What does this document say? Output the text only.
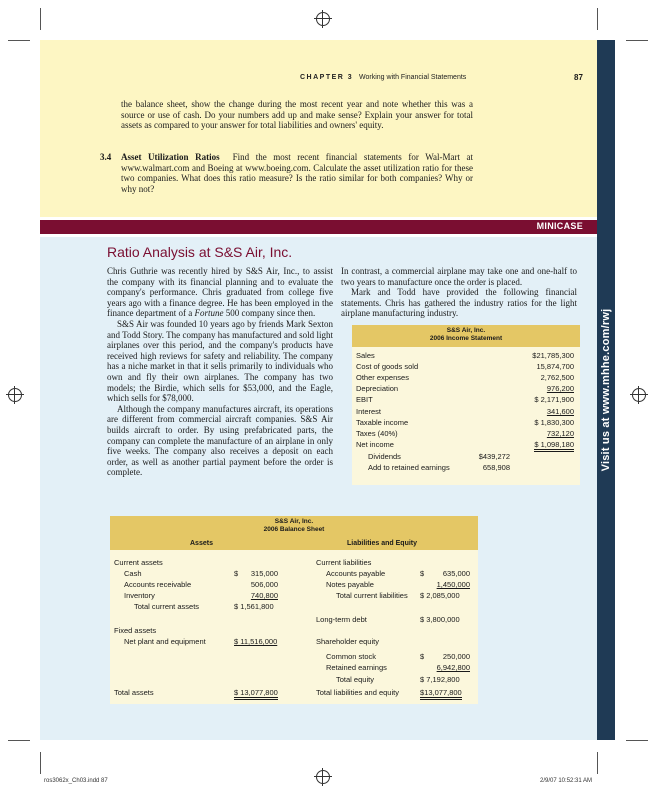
Visit us at www.mhhe.com/rwj
CHAPTER 3 Working with Financial Statements	87
the balance sheet, show the change during the most recent year and note whether this was a source or use of cash. Do your numbers add up and make sense? Explain your answer for total assets as compared to your answer for total liabilities and owners' equity.
3.4	Asset Utilization Ratios Find the most recent financial statements for Wal-Mart at www.walmart.com and Boeing at www.boeing.com. Calculate the asset utilization ratio for these two companies. What does this ratio measure? Is the ratio similar for both companies? Why or why not?
MINICASE
Ratio Analysis at S&S Air, Inc.
Chris Guthrie was recently hired by S&S Air, Inc., to assist the company with its financial planning and to evaluate the company's performance. Chris graduated from college five years ago with a finance degree. He has been employed in the finance department of a Fortune 500 company since then.
S&S Air was founded 10 years ago by friends Mark Sexton and Todd Story. The company has manufactured and sold light airplanes over this period, and the company's products have received high reviews for safety and reliability. The company has a niche market in that it sells primarily to individuals who own and fly their own airplanes. The company has two models; the Birdie, which sells for $53,000, and the Eagle, which sells for $78,000.
Although the company manufactures aircraft, its operations are different from commercial aircraft companies. S&S Air builds aircraft to order. By using prefabricated parts, the company can complete the manufacture of an airplane in only five weeks. The company also receives a deposit on each order, as well as another partial payment before the order is complete.
In contrast, a commercial airplane may take one and one-half to two years to manufacture once the order is placed.
Mark and Todd have provided the following financial statements. Chris has gathered the industry ratios for the light airplane manufacturing industry.
S&S Air, Inc.
2006 Income Statement
Sales	$21,785,300
Cost of goods sold	15,874,700
Other expenses	2,762,500
Depreciation	976,200
EBIT	$ 2,171,900
Interest	341,600
Taxable income	$ 1,830,300
Taxes (40%)	732,120
Net income	$ 1,098,180
Dividends	$439,272
Add to retained earnings	658,908
S&S Air, Inc.
2006 Balance Sheet
Assets	Liabilities and Equity
Current assets
Cash	$	315,000
Accounts receivable	506,000
Inventory	740,800
Total current assets	$ 1,561,800
Fixed assets
Net plant and equipment	$ 11,516,000
Total assets	$ 13,077,800
Current liabilities
Accounts payable	$	635,000
Notes payable	1,450,000
Total current liabilities $ 2,085,000
Long-term debt	$ 3,800,000
Shareholder equity
Common stock	$	250,000
Retained earnings	6,942,800
Total equity	$ 7,192,800
Total liabilities and equity	$13,077,800
ros3062x_Ch03.indd 87	2/9/07 10:52:31 AM
